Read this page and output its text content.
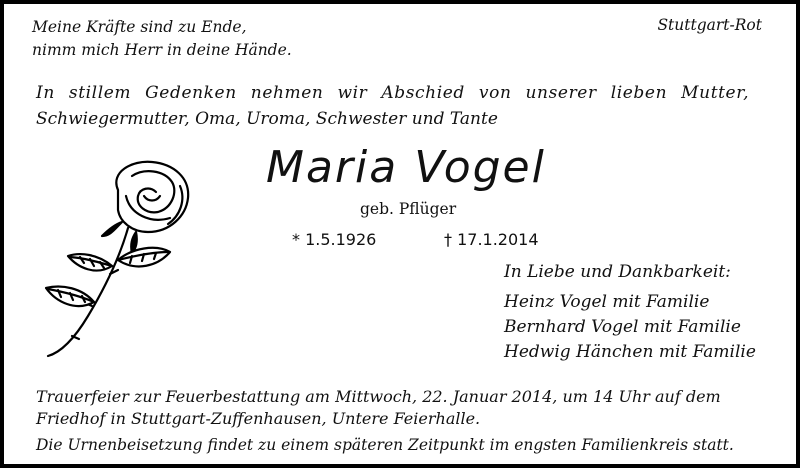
Meine Kräfte sind zu Ende,
nimm mich Herr in deine Hände.
Stuttgart-Rot
In stillem Gedenken nehmen wir Abschied von unserer lieben Mutter,
Schwiegermutter, Oma, Uroma, Schwester und Tante
Maria Vogel
geb. Pflüger
* 1.5.1926	† 17.1.2014
In Liebe und Dankbarkeit:
Heinz Vogel mit Familie
Bernhard Vogel mit Familie
Hedwig Hänchen mit Familie
Trauerfeier zur Feuerbestattung am Mittwoch, 22. Januar 2014, um 14 Uhr auf dem
Friedhof in Stuttgart-Zuffenhausen, Untere Feierhalle.
Die Urnenbeisetzung findet zu einem späteren Zeitpunkt im engsten Familienkreis statt.
